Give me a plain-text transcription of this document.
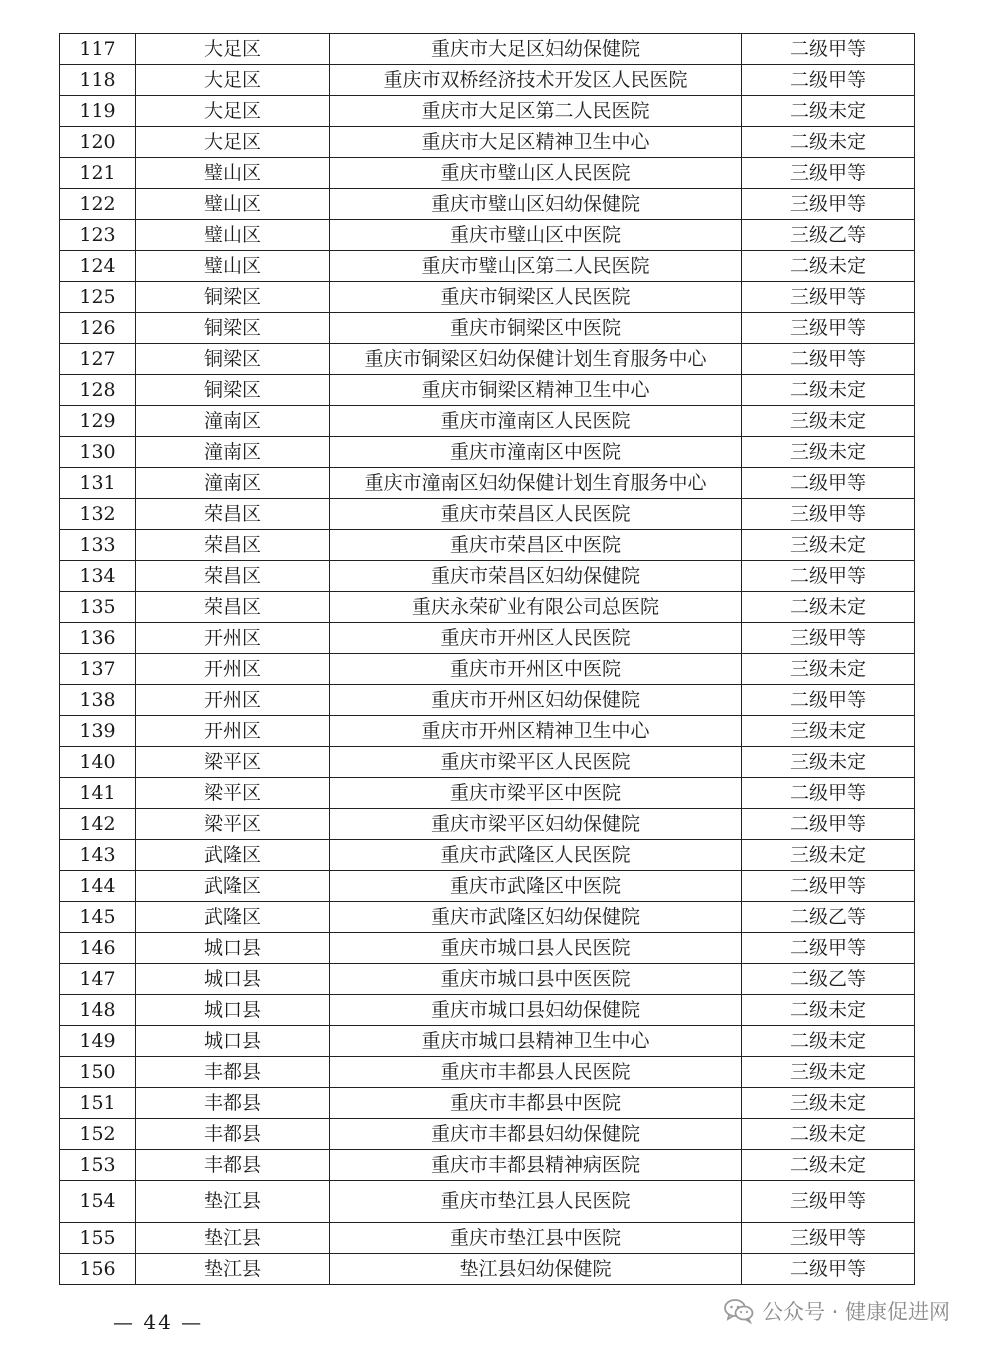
117	大足区	重庆市大足区妇幼保健院	二级甲等
118	大足区	重庆市双桥经济技术开发区人民医院	二级甲等
119	大足区	重庆市大足区第二人民医院	二级未定
120	大足区	重庆市大足区精神卫生中心	二级未定
121	璧山区	重庆市璧山区人民医院	三级甲等
122	璧山区	重庆市璧山区妇幼保健院	三级甲等
123	璧山区	重庆市璧山区中医院	三级乙等
124	璧山区	重庆市璧山区第二人民医院	二级未定
125	铜梁区	重庆市铜梁区人民医院	三级甲等
126	铜梁区	重庆市铜梁区中医院	三级甲等
127	铜梁区	重庆市铜梁区妇幼保健计划生育服务中心	二级甲等
128	铜梁区	重庆市铜梁区精神卫生中心	二级未定
129	潼南区	重庆市潼南区人民医院	三级未定
130	潼南区	重庆市潼南区中医院	三级未定
131	潼南区	重庆市潼南区妇幼保健计划生育服务中心	二级甲等
132	荣昌区	重庆市荣昌区人民医院	三级甲等
133	荣昌区	重庆市荣昌区中医院	三级未定
134	荣昌区	重庆市荣昌区妇幼保健院	二级甲等
135	荣昌区	重庆永荣矿业有限公司总医院	二级未定
136	开州区	重庆市开州区人民医院	三级甲等
137	开州区	重庆市开州区中医院	三级未定
138	开州区	重庆市开州区妇幼保健院	二级甲等
139	开州区	重庆市开州区精神卫生中心	三级未定
140	梁平区	重庆市梁平区人民医院	三级未定
141	梁平区	重庆市梁平区中医院	二级甲等
142	梁平区	重庆市梁平区妇幼保健院	二级甲等
143	武隆区	重庆市武隆区人民医院	三级未定
144	武隆区	重庆市武隆区中医院	二级甲等
145	武隆区	重庆市武隆区妇幼保健院	二级乙等
146	城口县	重庆市城口县人民医院	二级甲等
147	城口县	重庆市城口县中医医院	二级乙等
148	城口县	重庆市城口县妇幼保健院	二级未定
149	城口县	重庆市城口县精神卫生中心	二级未定
150	丰都县	重庆市丰都县人民医院	三级未定
151	丰都县	重庆市丰都县中医院	三级未定
152	丰都县	重庆市丰都县妇幼保健院	二级未定
153	丰都县	重庆市丰都县精神病医院	二级未定
154	垫江县	重庆市垫江县人民医院	三级甲等
155	垫江县	重庆市垫江县中医院	三级甲等
156	垫江县	垫江县妇幼保健院	二级甲等
— 44 —	公众号 · 健康促进网
